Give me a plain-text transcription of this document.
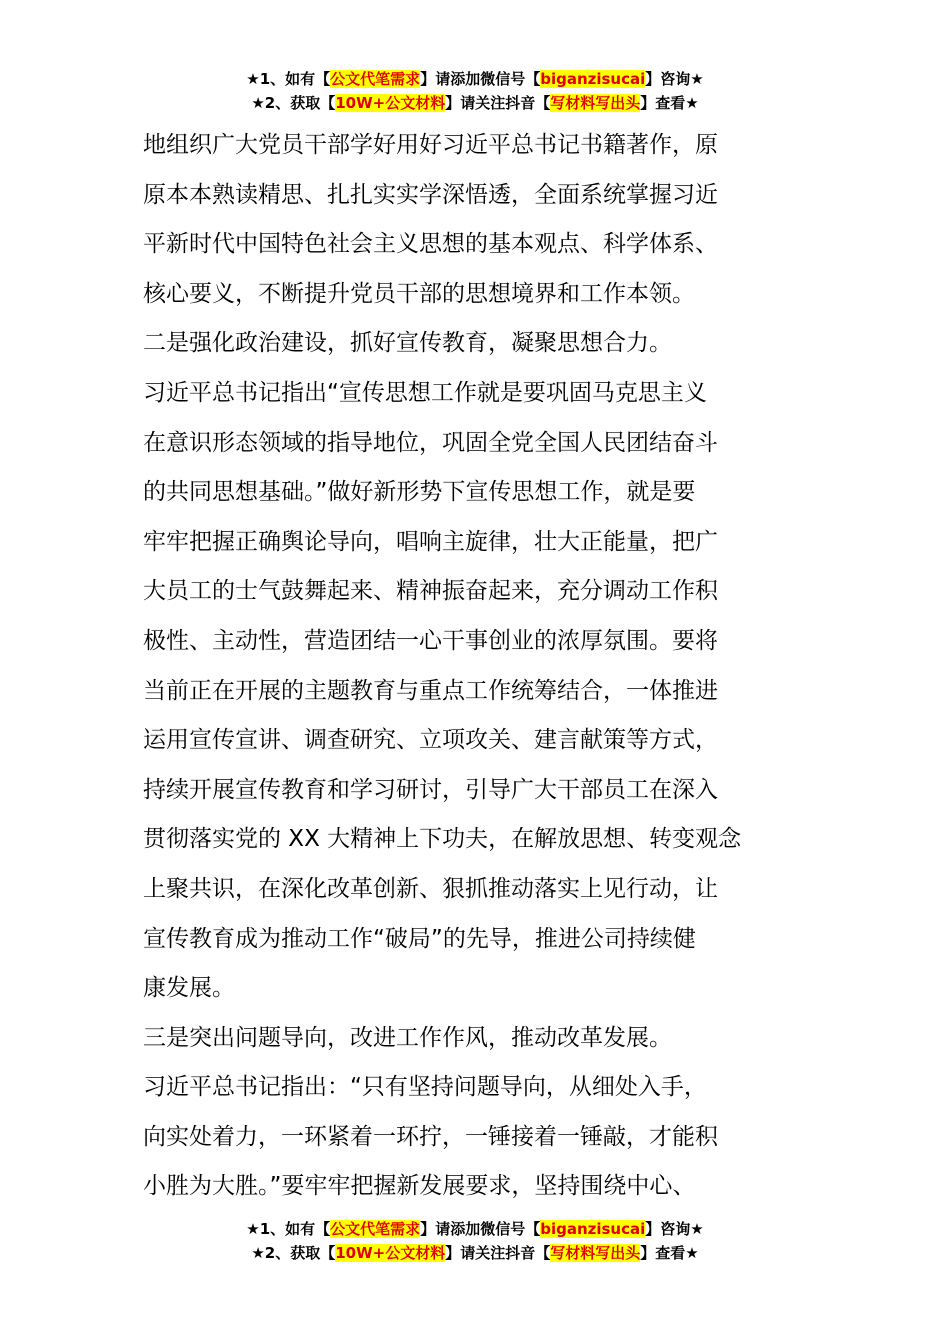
★1、如有【公文代笔需求】请添加微信号【biganzisucai】咨询★
★2、获取【10W+公文材料】请关注抖音【写材料写出头】查看★
地组织广大党员干部学好用好习近平总书记书籍著作，原
原本本熟读精思、扎扎实实学深悟透，全面系统掌握习近
平新时代中国特色社会主义思想的基本观点、科学体系、
核心要义，不断提升党员干部的思想境界和工作本领。
二是强化政治建设，抓好宣传教育，凝聚思想合力。
习近平总书记指出“宣传思想工作就是要巩固马克思主义
在意识形态领域的指导地位，巩固全党全国人民团结奋斗
的共同思想基础。”做好新形势下宣传思想工作，就是要
牢牢把握正确舆论导向，唱响主旋律，壮大正能量，把广
大员工的士气鼓舞起来、精神振奋起来，充分调动工作积
极性、主动性，营造团结一心干事创业的浓厚氛围。要将
当前正在开展的主题教育与重点工作统筹结合，一体推进
运用宣传宣讲、调查研究、立项攻关、建言献策等方式，
持续开展宣传教育和学习研讨，引导广大干部员工在深入
贯彻落实党的 XX 大精神上下功夫，在解放思想、转变观念
上聚共识，在深化改革创新、狠抓推动落实上见行动，让
宣传教育成为推动工作“破局”的先导，推进公司持续健
康发展。
三是突出问题导向，改进工作作风，推动改革发展。
习近平总书记指出：“只有坚持问题导向，从细处入手，
向实处着力，一环紧着一环拧，一锤接着一锤敲，才能积
小胜为大胜。”要牢牢把握新发展要求，坚持围绕中心、
★1、如有【公文代笔需求】请添加微信号【biganzisucai】咨询★
★2、获取【10W+公文材料】请关注抖音【写材料写出头】查看★
